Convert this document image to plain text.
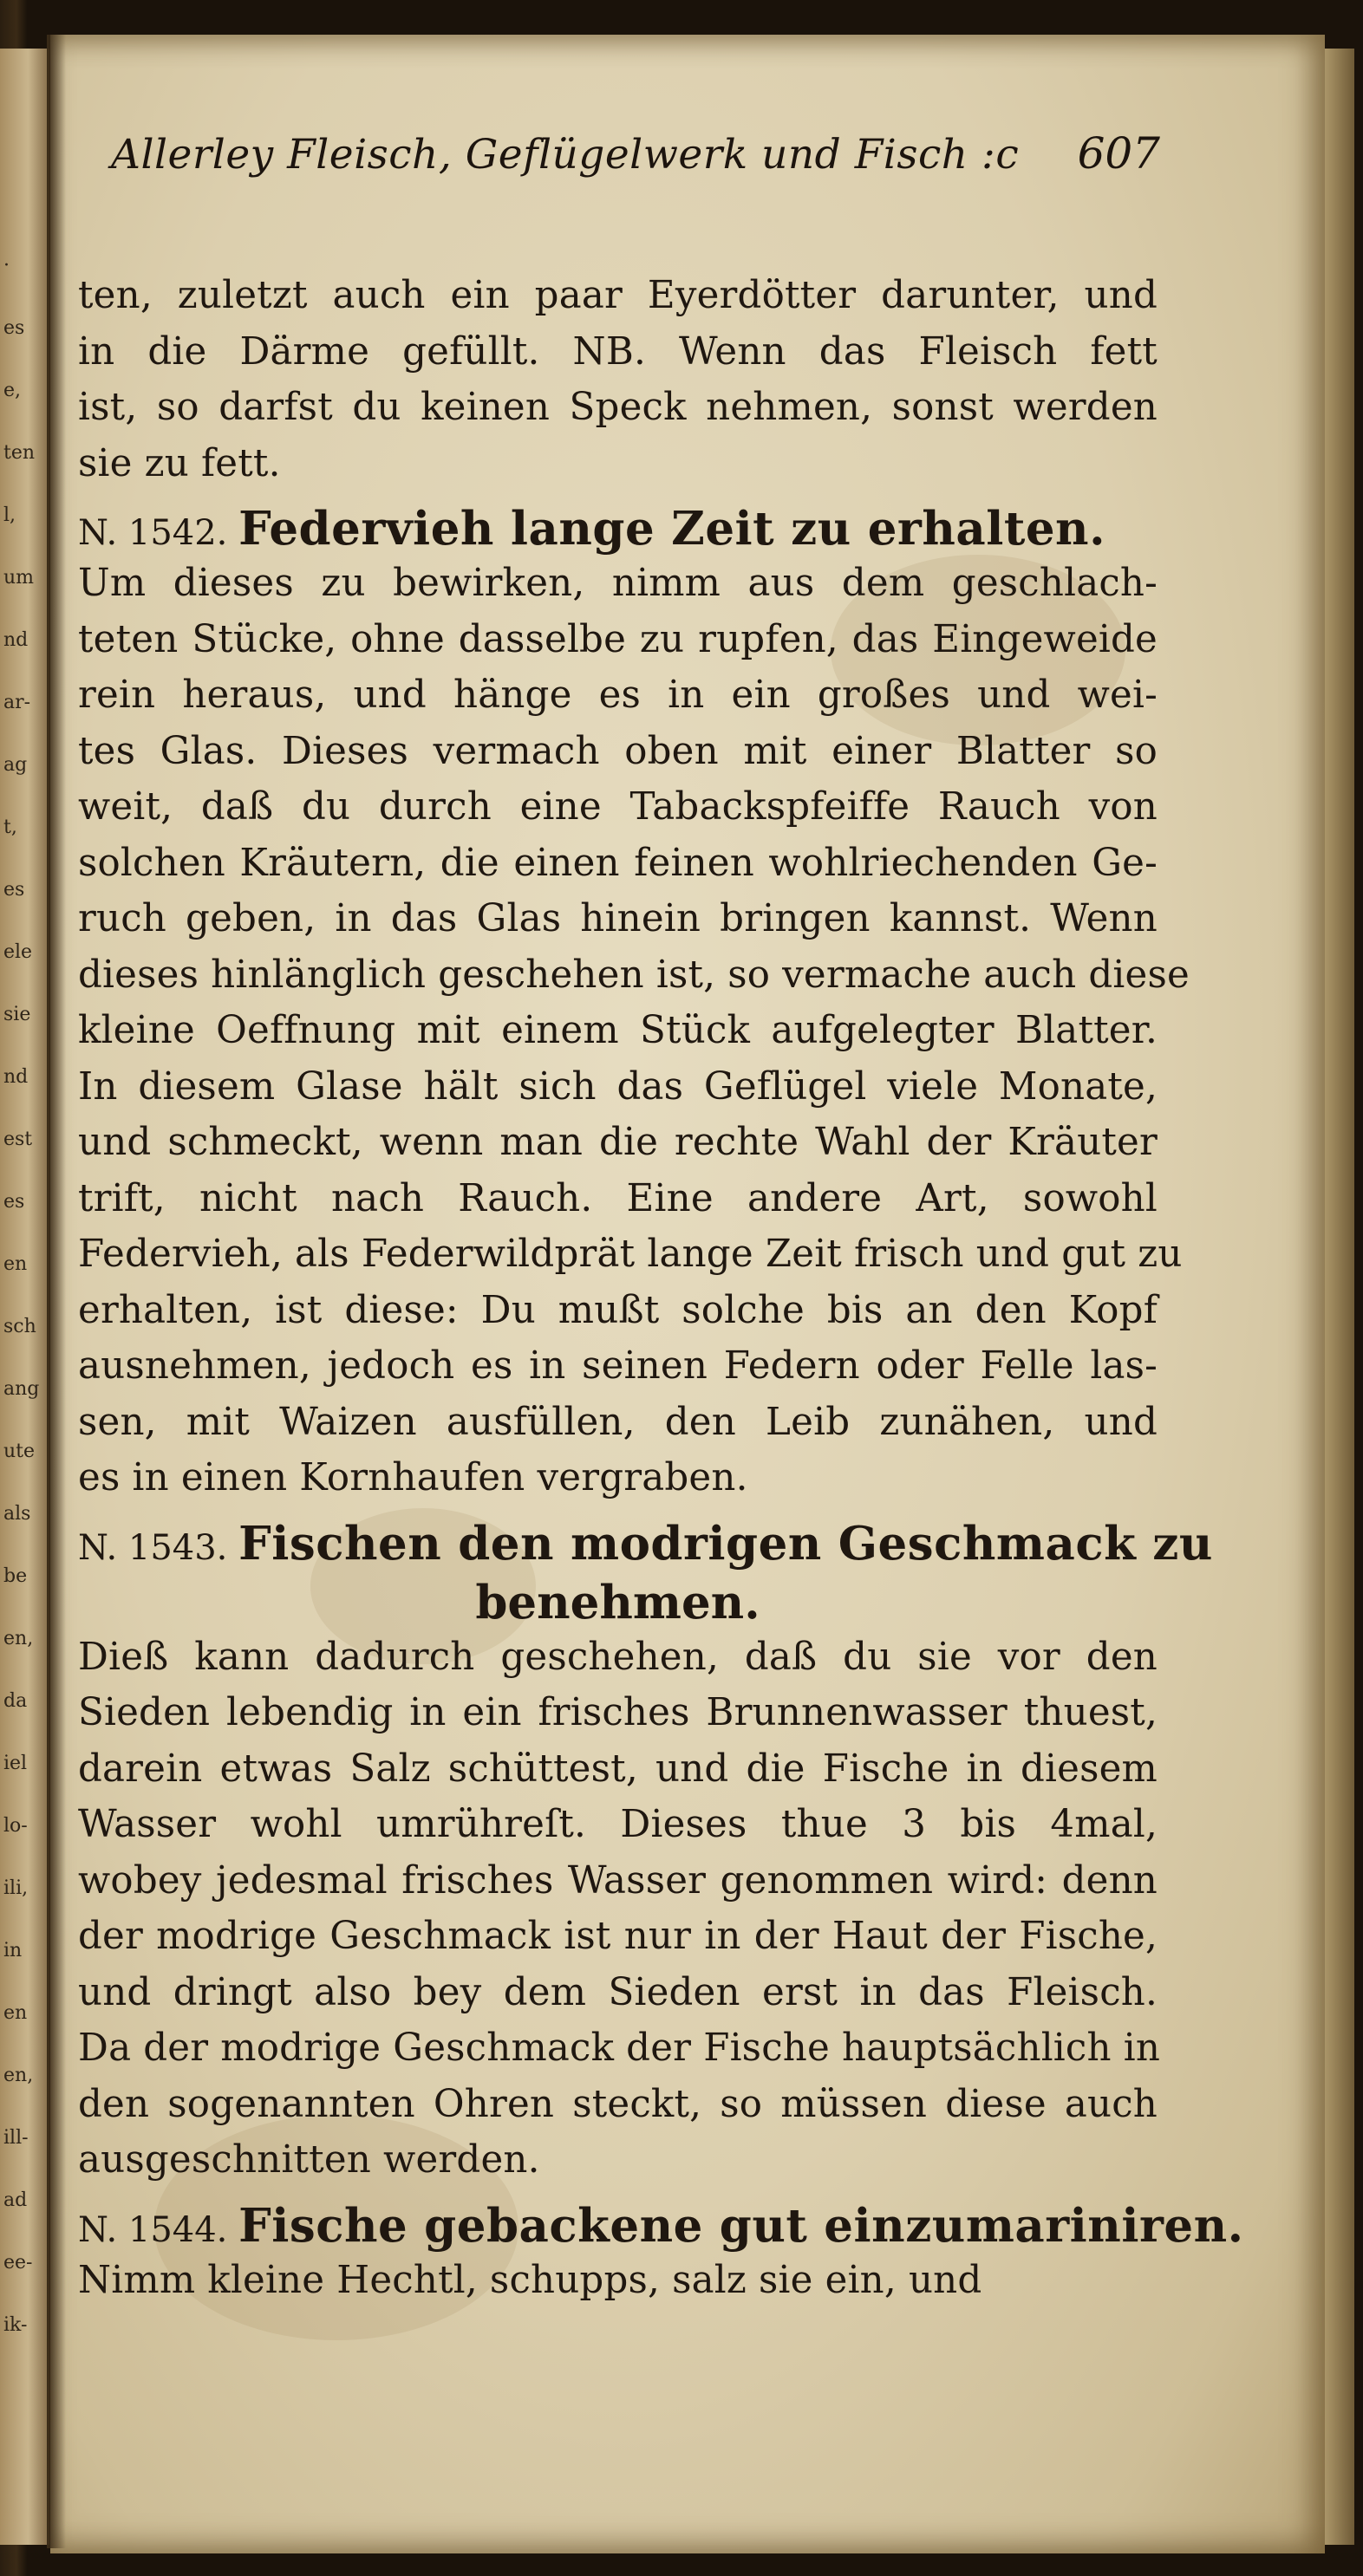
·
es
e,
ten
l,
um
nd
ar-
ag
t,
es
ele
sie
nd
est
es
en
sch
ang
ute
als
be
en,
da
iel
lo-
ili,
in
en
en,
ill-
ad
ee-
ik-
Allerley Fleisch, Geflügelwerk und Fisch :c 607
ten, zuletzt auch ein paar Eyerdötter darunter, und
in die Därme gefüllt. NB. Wenn das Fleisch fett
ist, so darfst du keinen Speck nehmen, sonst werden
sie zu fett.
N. 1542. Federvieh lange Zeit zu erhalten.
Um dieses zu bewirken, nimm aus dem geschlach-
teten Stücke, ohne dasselbe zu rupfen, das Eingeweide
rein heraus, und hänge es in ein großes und wei-
tes Glas. Dieses vermach oben mit einer Blatter so
weit, daß du durch eine Tabackspfeiffe Rauch von
solchen Kräutern, die einen feinen wohlriechenden Ge-
ruch geben, in das Glas hinein bringen kannst. Wenn
dieses hinlänglich geschehen ist, so vermache auch diese
kleine Oeffnung mit einem Stück aufgelegter Blatter.
In diesem Glase hält sich das Geflügel viele Monate,
und schmeckt, wenn man die rechte Wahl der Kräuter
trift, nicht nach Rauch. Eine andere Art, sowohl
Federvieh, als Federwildprät lange Zeit frisch und gut zu
erhalten, ist diese: Du mußt solche bis an den Kopf
ausnehmen, jedoch es in seinen Federn oder Felle las-
sen, mit Waizen ausfüllen, den Leib zunähen, und
es in einen Kornhaufen vergraben.
N. 1543. Fischen den modrigen Geschmack zu
benehmen.
Dieß kann dadurch geschehen, daß du sie vor den
Sieden lebendig in ein frisches Brunnenwasser thuest,
darein etwas Salz schüttest, und die Fische in diesem
Wasser wohl umrühreſt. Dieses thue 3 bis 4mal,
wobey jedesmal frisches Wasser genommen wird: denn
der modrige Geschmack ist nur in der Haut der Fische,
und dringt also bey dem Sieden erst in das Fleisch.
Da der modrige Geschmack der Fische hauptsächlich in
den sogenannten Ohren steckt, so müssen diese auch
ausgeschnitten werden.
N. 1544. Fische gebackene gut einzumariniren.
Nimm kleine Hechtl, schupps, salz sie ein, und
